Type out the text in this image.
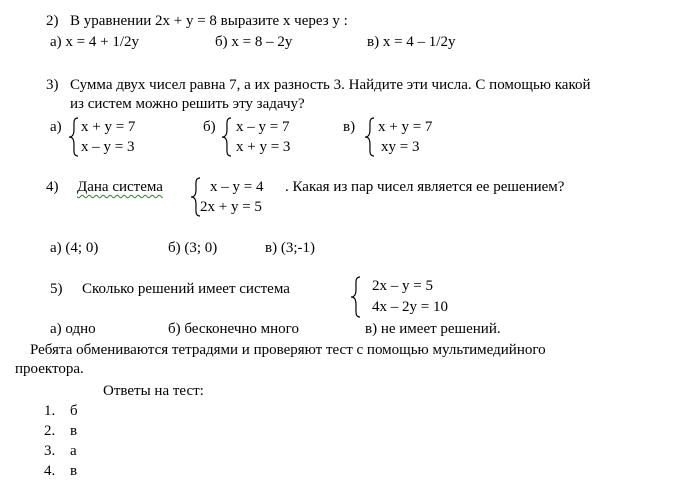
2) В уравнении 2x + y = 8 выразите x через y :
а) x = 4 + 1/2y	б) x = 8 – 2y	в) x = 4 – 1/2y
3) Сумма двух чисел равна 7, а их разность 3. Найдите эти числа. С помощью какой
из систем можно решить эту задачу?
а) x + y = 7
x – y = 3
б) x – y = 7
x + y = 3
в) x + y = 7
xy = 3
4) Дана система	x – y = 4
2x + y = 5
. Какая из пар чисел является ее решением?
а) (4; 0)	б) (3; 0)	в) (3;-1)
5) Сколько решений имеет система	2x – y = 5
4x – 2y = 10
а) одно	б) бесконечно много	в) не имеет решений.
Ребята обмениваются тетрадями и проверяют тест с помощью мультимедийного
проектора.
Ответы на тест:
1. б
2. в
3. а
4. в
